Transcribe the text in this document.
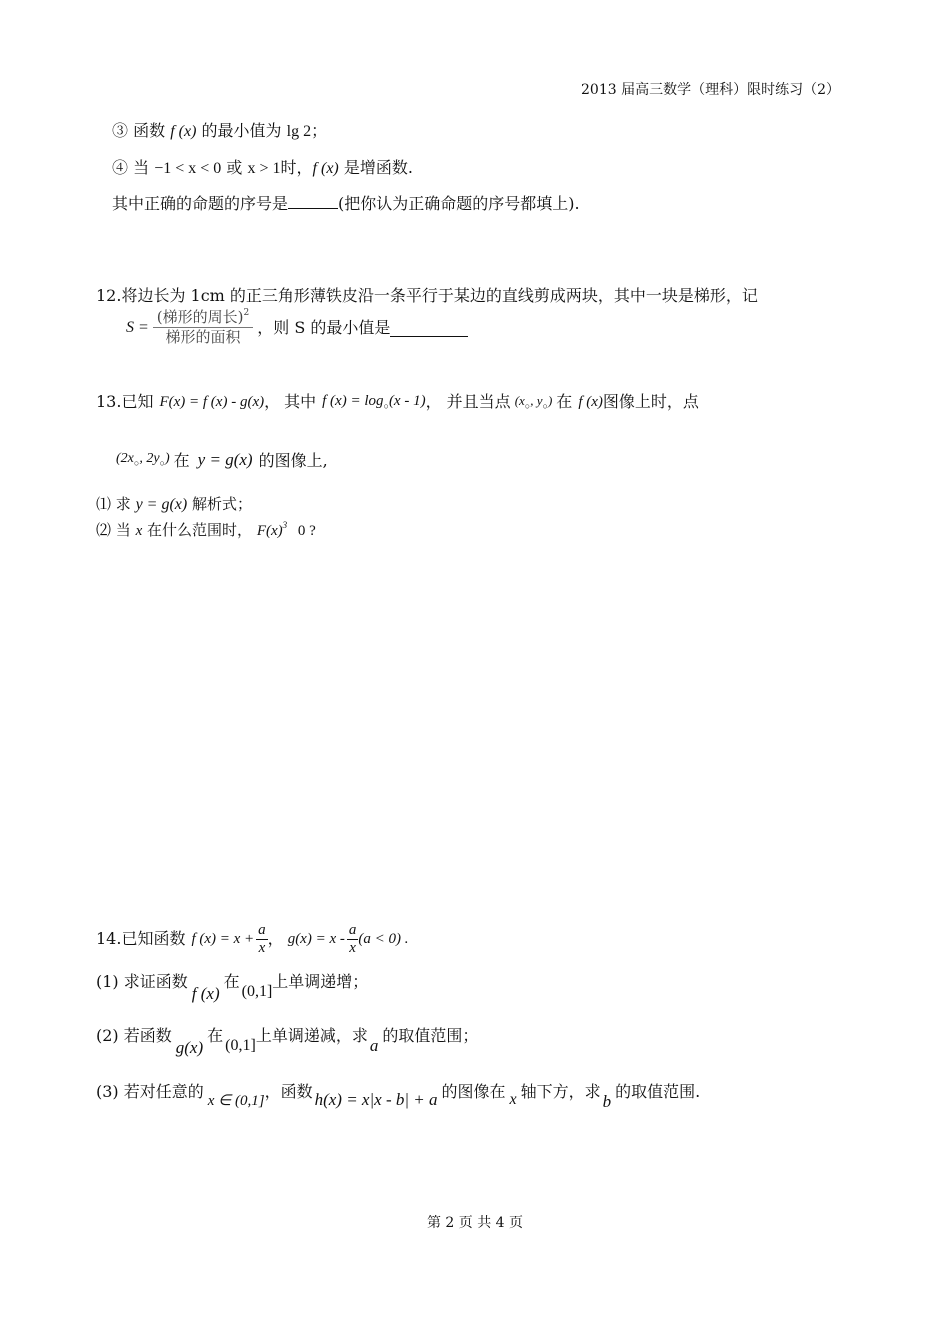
2013 届高三数学（理科）限时练习（2）
③ 函数 f (x) 的最小值为 lg 2；
④ 当 −1 < x < 0 或 x > 1时，f (x) 是增函数.
其中正确的命题的序号是	(把你认为正确命题的序号都填上).
12.将边长为 1cm 的正三角形薄铁皮沿一条平行于某边的直线剪成两块，其中一块是梯形，记
$S = \frac{(梯形的周长)^2}{\text{梯形的面积}}$ ，则 S 的最小值是
13.已知 F(x) = f (x) - g(x) ， 其中 f $(x) = \log_○(x - 1)$ ， 并且当点 ($x_○$, $y_○$) 在 f (x) 图像上时，点
($2x_○$, $2y_○$) 在 y = g(x) 的图像上,
⑴ 求 y = g(x) 解析式；
⑵ 当 x 在什么范围时， $F(x)^3$ 0 ?
14.已知函数 f $(x) = x + \frac{a}{x}$ ， $g(x) = x - \frac{a}{x} (a < 0)$ .
(1) 求证函数
f (x)
在
(0,1]
上单调递增；
(2) 若函数
g(x)
在
(0,1]
上单调递减，求
a
的取值范围；
(3) 若对任意的 x ∈ (0,1] ，函数 h(x) = x|x - b| + a 的图像在 x 轴下方，求
b
的取值范围.
第 2 页 共 4 页
